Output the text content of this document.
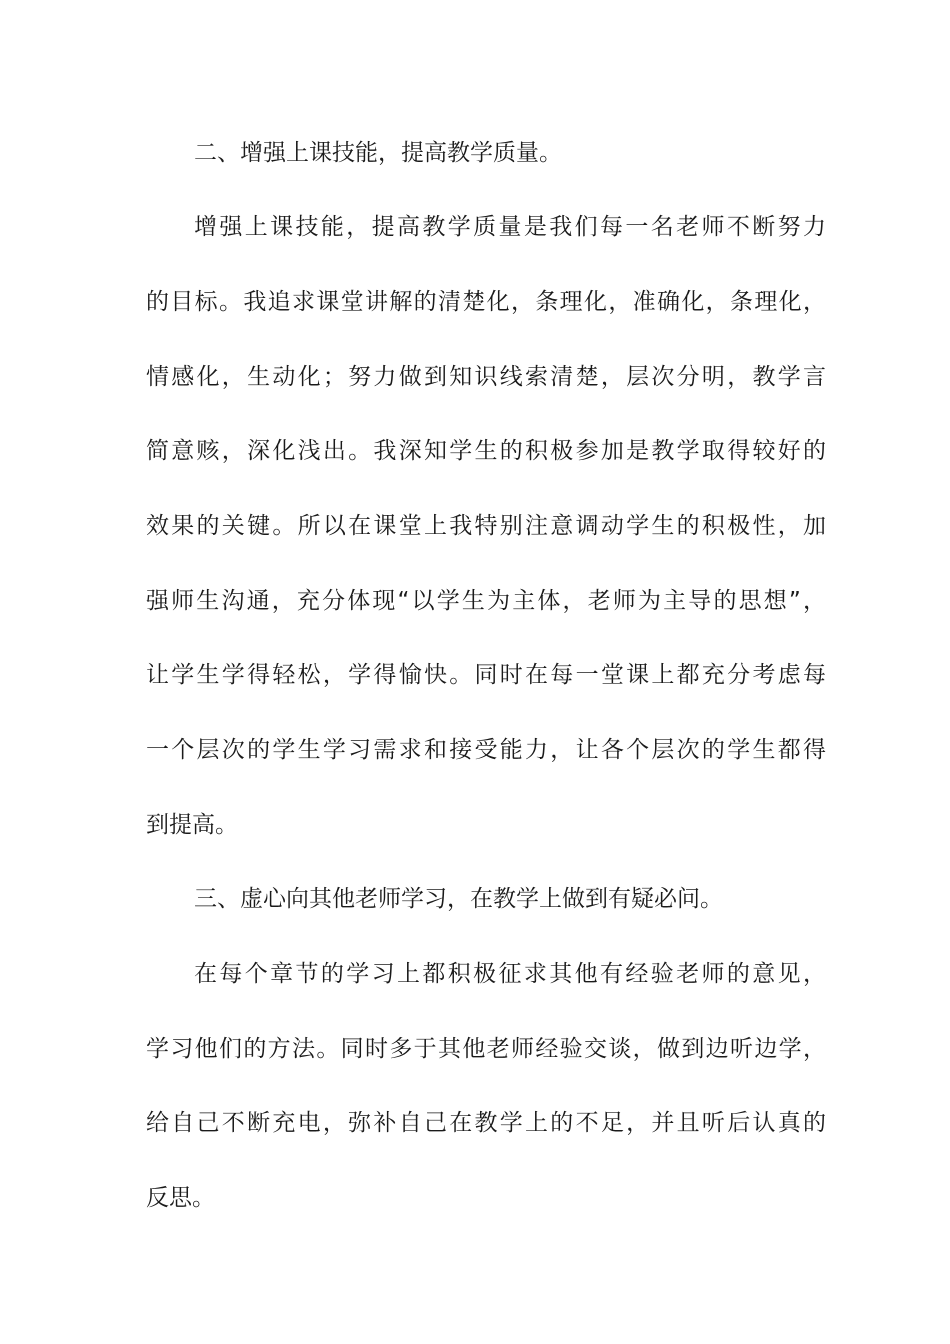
二、增强上课技能，提高教学质量。
增强上课技能，提高教学质量是我们每一名老师不断努力
的目标。我追求课堂讲解的清楚化，条理化，准确化，条理化，
情感化，生动化；努力做到知识线索清楚，层次分明，教学言
简意赅，深化浅出。我深知学生的积极参加是教学取得较好的
效果的关键。所以在课堂上我特别注意调动学生的积极性，加
强师生沟通，充分体现“以学生为主体，老师为主导的思想”，
让学生学得轻松，学得愉快。同时在每一堂课上都充分考虑每
一个层次的学生学习需求和接受能力，让各个层次的学生都得
到提高。
三、虚心向其他老师学习，在教学上做到有疑必问。
在每个章节的学习上都积极征求其他有经验老师的意见，
学习他们的方法。同时多于其他老师经验交谈，做到边听边学，
给自己不断充电，弥补自己在教学上的不足，并且听后认真的
反思。
